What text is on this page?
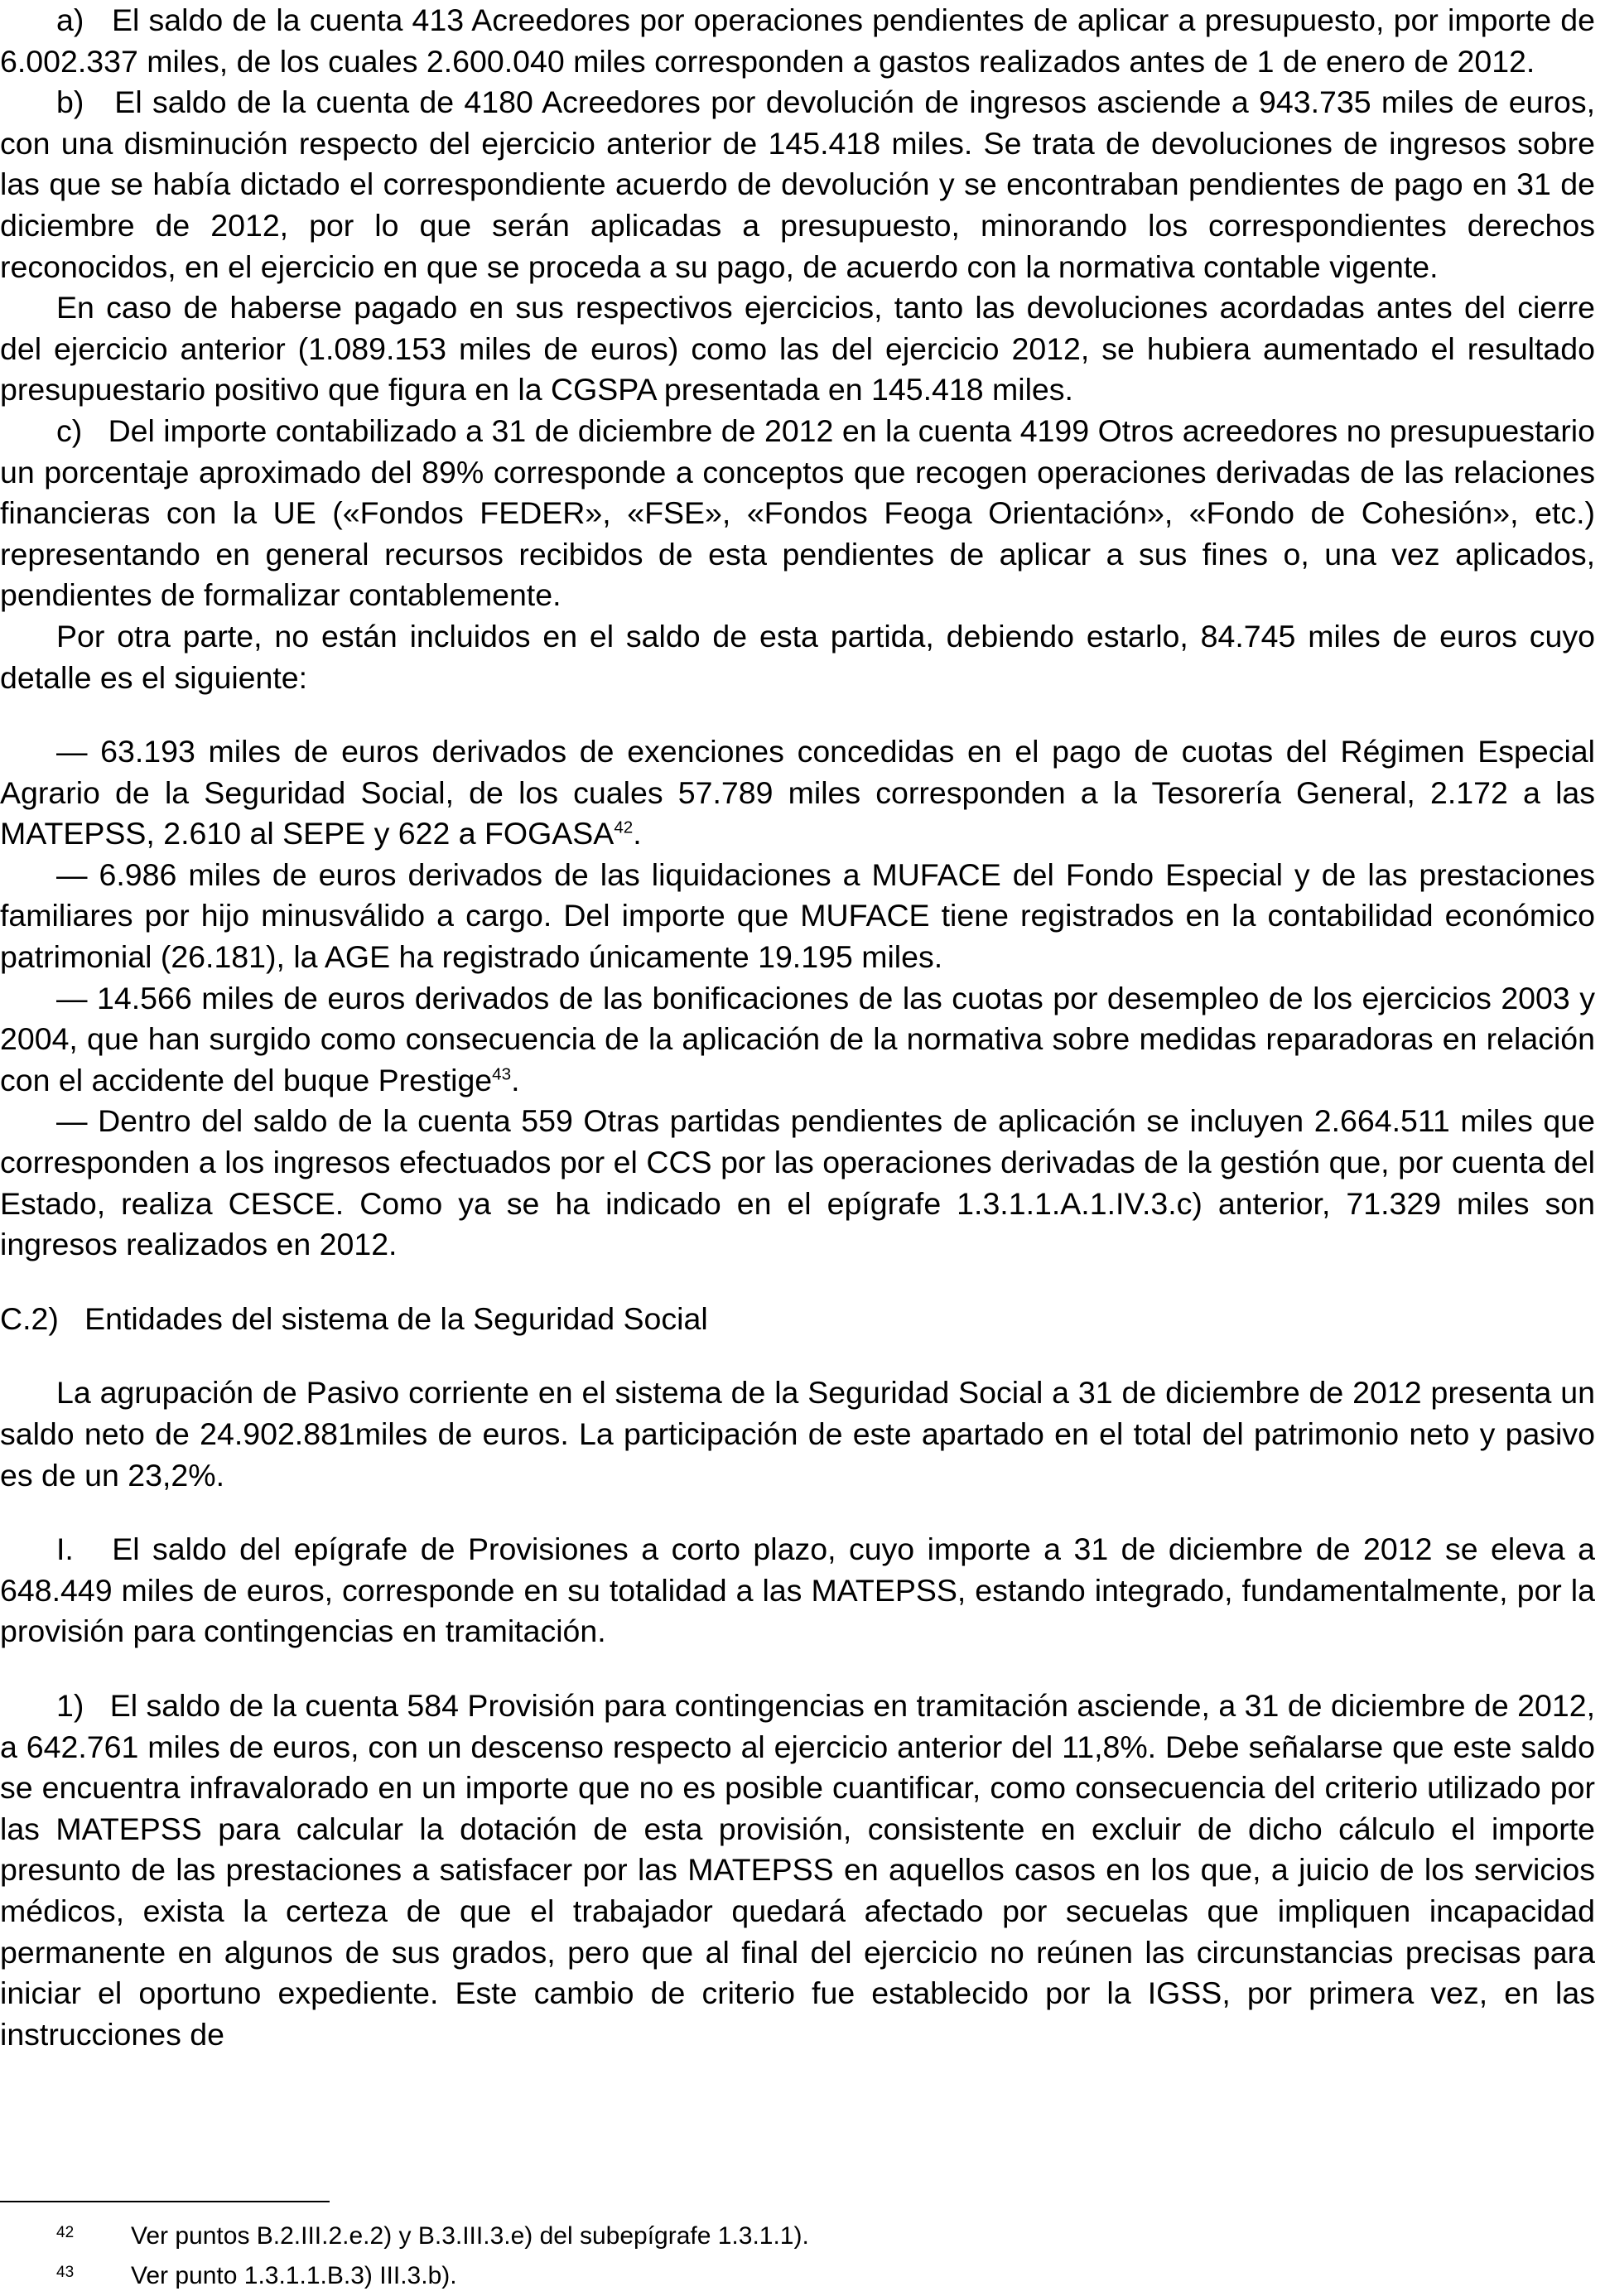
a)   El saldo de la cuenta 413 Acreedores por operaciones pendientes de aplicar a presupuesto, por importe de 6.002.337 miles, de los cuales 2.600.040 miles corresponden a gastos realizados antes de 1 de enero de 2012.

b)   El saldo de la cuenta de 4180 Acreedores por devolución de ingresos asciende a 943.735 miles de euros, con una disminución respecto del ejercicio anterior de 145.418 miles. Se trata de devoluciones de ingresos sobre las que se había dictado el correspondiente acuerdo de devolución y se encontraban pendientes de pago en 31 de diciembre de 2012, por lo que serán aplicadas a presupuesto, minorando los correspondientes derechos reconocidos, en el ejercicio en que se proceda a su pago, de acuerdo con la normativa contable vigente.

En caso de haberse pagado en sus respectivos ejercicios, tanto las devoluciones acordadas antes del cierre del ejercicio anterior (1.089.153 miles de euros) como las del ejercicio 2012, se hubiera aumentado el resultado presupuestario positivo que figura en la CGSPA presentada en 145.418 miles.

c)   Del importe contabilizado a 31 de diciembre de 2012 en la cuenta 4199 Otros acreedores no presupuestario un porcentaje aproximado del 89% corresponde a conceptos que recogen operaciones derivadas de las relaciones financieras con la UE («Fondos FEDER», «FSE», «Fondos Feoga Orientación», «Fondo de Cohesión», etc.) representando en general recursos recibidos de esta pendientes de aplicar a sus fines o, una vez aplicados, pendientes de formalizar contablemente.

Por otra parte, no están incluidos en el saldo de esta partida, debiendo estarlo, 84.745 miles de euros cuyo detalle es el siguiente:

— 63.193 miles de euros derivados de exenciones concedidas en el pago de cuotas del Régimen Especial Agrario de la Seguridad Social, de los cuales 57.789 miles corresponden a la Tesorería General, 2.172 a las MATEPSS, 2.610 al SEPE y 622 a FOGASA$^{42}$.

— 6.986 miles de euros derivados de las liquidaciones a MUFACE del Fondo Especial y de las prestaciones familiares por hijo minusválido a cargo. Del importe que MUFACE tiene registrados en la contabilidad económico patrimonial (26.181), la AGE ha registrado únicamente 19.195 miles.

— 14.566 miles de euros derivados de las bonificaciones de las cuotas por desempleo de los ejercicios 2003 y 2004, que han surgido como consecuencia de la aplicación de la normativa sobre medidas reparadoras en relación con el accidente del buque Prestige$^{43}$.

— Dentro del saldo de la cuenta 559 Otras partidas pendientes de aplicación se incluyen 2.664.511 miles que corresponden a los ingresos efectuados por el CCS por las operaciones derivadas de la gestión que, por cuenta del Estado, realiza CESCE. Como ya se ha indicado en el epígrafe 1.3.1.1.A.1.IV.3.c) anterior, 71.329 miles son ingresos realizados en 2012.

C.2)   Entidades del sistema de la Seguridad Social

La agrupación de Pasivo corriente en el sistema de la Seguridad Social a 31 de diciembre de 2012 presenta un saldo neto de 24.902.881miles de euros. La participación de este apartado en el total del patrimonio neto y pasivo es de un 23,2%.

I.   El saldo del epígrafe de Provisiones a corto plazo, cuyo importe a 31 de diciembre de 2012 se eleva a 648.449 miles de euros, corresponde en su totalidad a las MATEPSS, estando integrado, fundamentalmente, por la provisión para contingencias en tramitación.

1)   El saldo de la cuenta 584 Provisión para contingencias en tramitación asciende, a 31 de diciembre de 2012, a 642.761 miles de euros, con un descenso respecto al ejercicio anterior del 11,8%. Debe señalarse que este saldo se encuentra infravalorado en un importe que no es posible cuantificar, como consecuencia del criterio utilizado por las MATEPSS para calcular la dotación de esta provisión, consistente en excluir de dicho cálculo el importe presunto de las prestaciones a satisfacer por las MATEPSS en aquellos casos en los que, a juicio de los servicios médicos, exista la certeza de que el trabajador quedará afectado por secuelas que impliquen incapacidad permanente en algunos de sus grados, pero que al final del ejercicio no reúnen las circunstancias precisas para iniciar el oportuno expediente. Este cambio de criterio fue establecido por la IGSS, por primera vez, en las instrucciones de

42 Ver puntos B.2.III.2.e.2) y B.3.III.3.e) del subepígrafe 1.3.1.1).
43 Ver punto 1.3.1.1.B.3) III.3.b).
